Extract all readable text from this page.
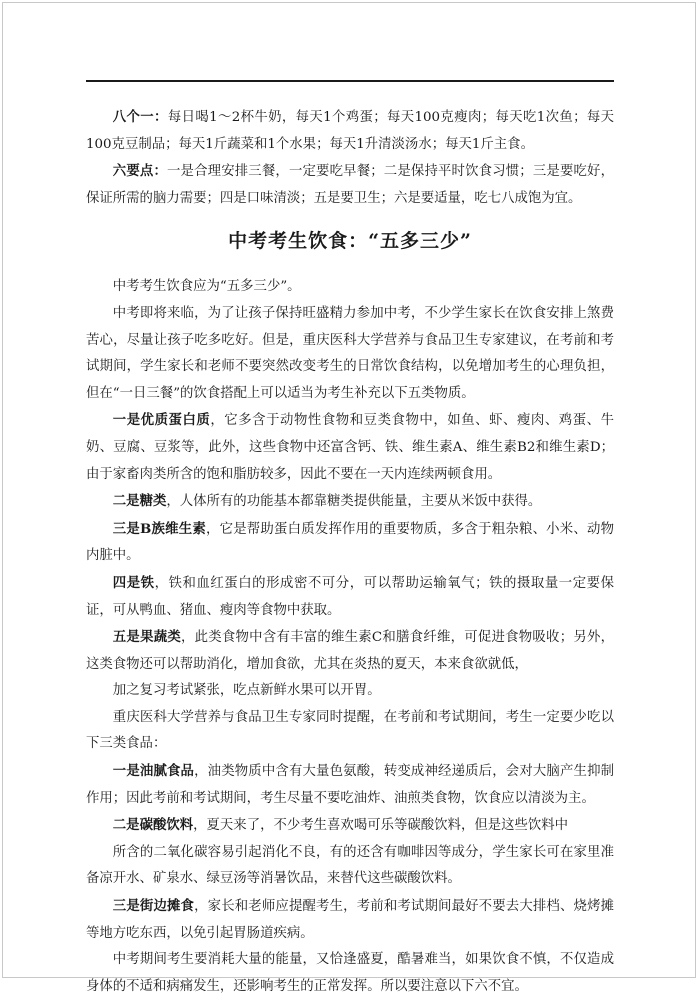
八个一：每日喝1～2杯牛奶，每天1个鸡蛋；每天100克瘦肉；每天吃1次鱼；每天100克豆制品；每天1斤蔬菜和1个水果；每天1升清淡汤水；每天1斤主食。

六要点：一是合理安排三餐，一定要吃早餐；二是保持平时饮食习惯；三是要吃好，保证所需的脑力需要；四是口味清淡；五是要卫生；六是要适量，吃七八成饱为宜。

中考考生饮食：“五多三少”

中考考生饮食应为“五多三少”。

中考即将来临，为了让孩子保持旺盛精力参加中考，不少学生家长在饮食安排上煞费苦心，尽量让孩子吃多吃好。但是，重庆医科大学营养与食品卫生专家建议，在考前和考试期间，学生家长和老师不要突然改变考生的日常饮食结构，以免增加考生的心理负担，但在“一日三餐”的饮食搭配上可以适当为考生补充以下五类物质。

一是优质蛋白质，它多含于动物性食物和豆类食物中，如鱼、虾、瘦肉、鸡蛋、牛奶、豆腐、豆浆等，此外，这些食物中还富含钙、铁、维生素A、维生素B2和维生素D；由于家畜肉类所含的饱和脂肪较多，因此不要在一天内连续两顿食用。

二是糖类，人体所有的功能基本都靠糖类提供能量，主要从米饭中获得。

三是B族维生素，它是帮助蛋白质发挥作用的重要物质，多含于粗杂粮、小米、动物内脏中。

四是铁，铁和血红蛋白的形成密不可分，可以帮助运输氧气；铁的摄取量一定要保证，可从鸭血、猪血、瘦肉等食物中获取。

五是果蔬类，此类食物中含有丰富的维生素C和膳食纤维，可促进食物吸收；另外，这类食物还可以帮助消化，增加食欲，尤其在炎热的夏天，本来食欲就低，

加之复习考试紧张，吃点新鲜水果可以开胃。

重庆医科大学营养与食品卫生专家同时提醒，在考前和考试期间，考生一定要少吃以下三类食品：

一是油腻食品，油类物质中含有大量色氨酸，转变成神经递质后，会对大脑产生抑制作用；因此考前和考试期间，考生尽量不要吃油炸、油煎类食物，饮食应以清淡为主。

二是碳酸饮料，夏天来了，不少考生喜欢喝可乐等碳酸饮料，但是这些饮料中

所含的二氧化碳容易引起消化不良，有的还含有咖啡因等成分，学生家长可在家里准备凉开水、矿泉水、绿豆汤等消暑饮品，来替代这些碳酸饮料。

三是街边摊食，家长和老师应提醒考生，考前和考试期间最好不要去大排档、烧烤摊等地方吃东西，以免引起胃肠道疾病。

中考期间考生要消耗大量的能量，又恰逢盛夏，酷暑难当，如果饮食不慎，不仅造成身体的不适和病痛发生，还影响考生的正常发挥。所以要注意以下六不宜。
